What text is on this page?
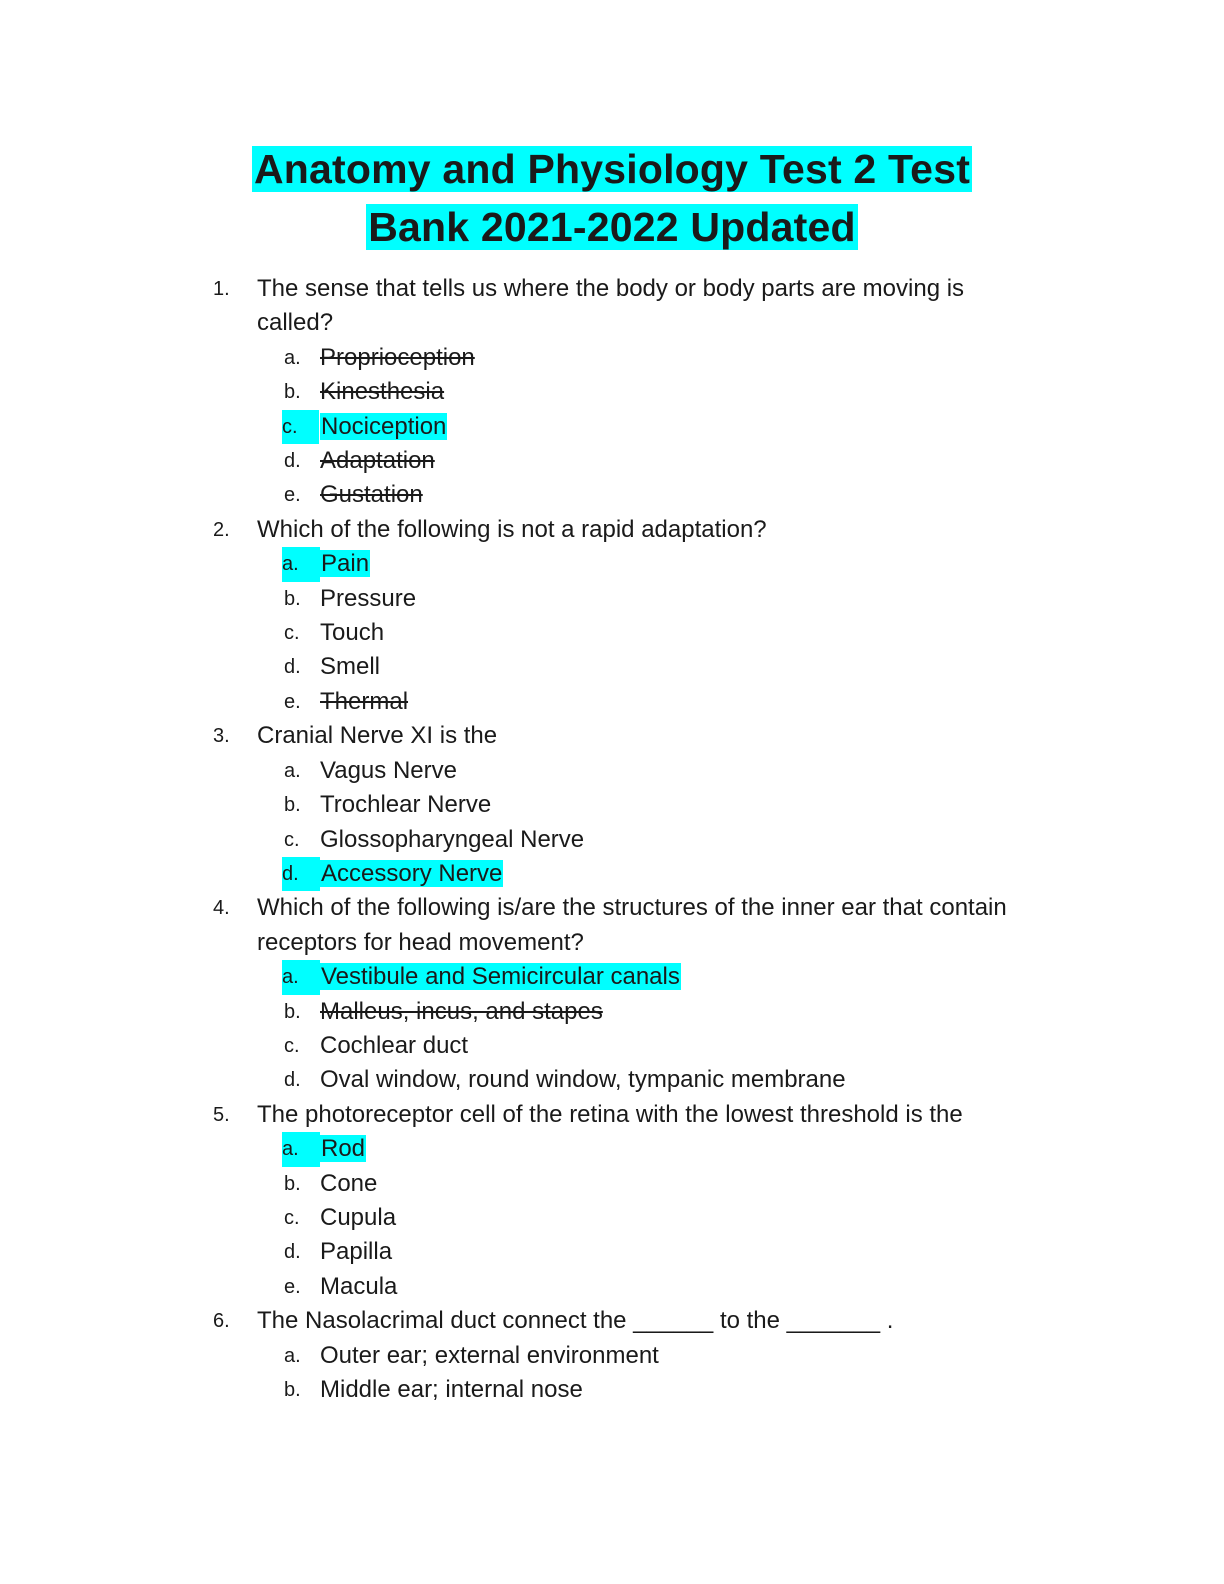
Anatomy and Physiology Test 2 Test
Bank 2021-2022 Updated
1. The sense that tells us where the body or body parts are moving is called?
a. Proprioception
b. Kinesthesia
c. Nociception
d. Adaptation
e. Gustation
2. Which of the following is not a rapid adaptation?
a. Pain
b. Pressure
c. Touch
d. Smell
e. Thermal
3. Cranial Nerve XI is the
a. Vagus Nerve
b. Trochlear Nerve
c. Glossopharyngeal Nerve
d. Accessory Nerve
4. Which of the following is/are the structures of the inner ear that contain receptors for head movement?
a. Vestibule and Semicircular canals
b. Malleus, incus, and stapes
c. Cochlear duct
d. Oval window, round window, tympanic membrane
5. The photoreceptor cell of the retina with the lowest threshold is the
a. Rod
b. Cone
c. Cupula
d. Papilla
e. Macula
6. The Nasolacrimal duct connect the ______ to the _______ .
a. Outer ear; external environment
b. Middle ear; internal nose
